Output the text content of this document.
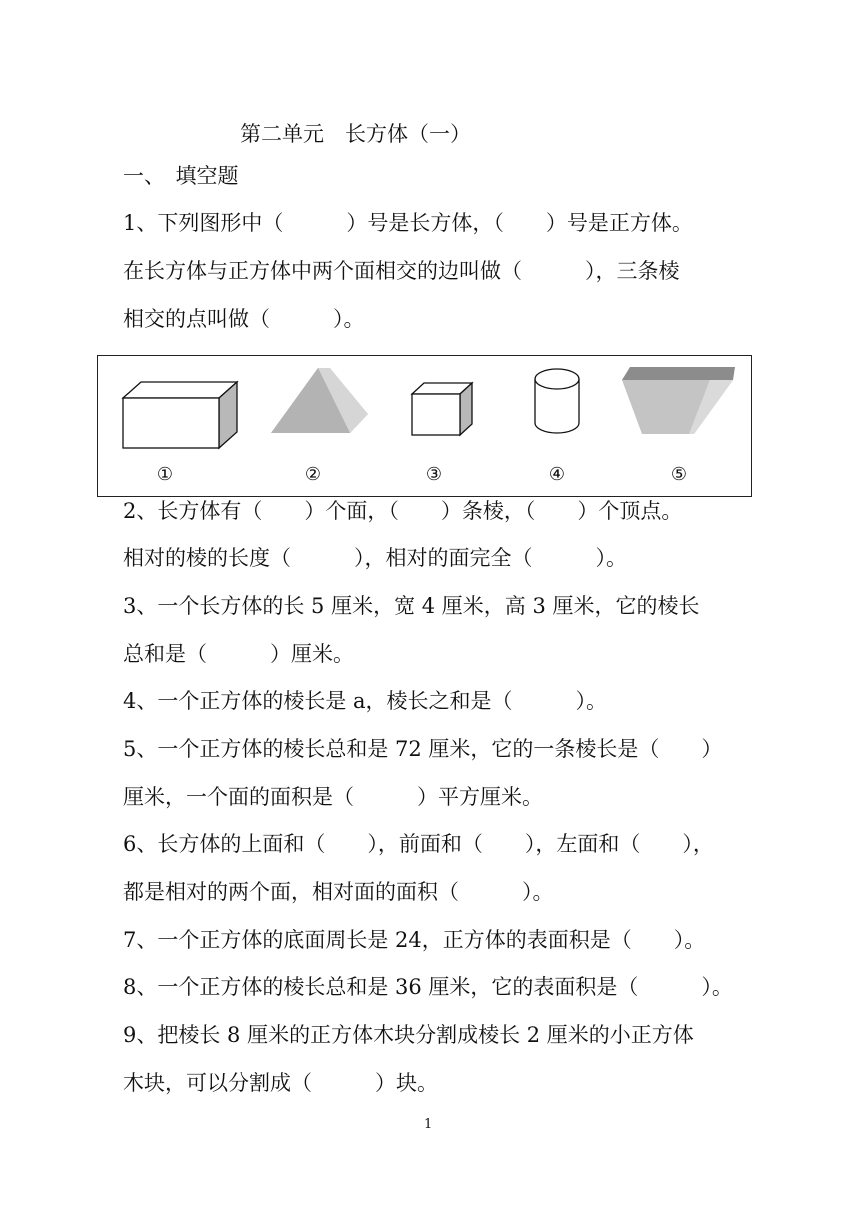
第二单元　长方体（一）
一、　填空题
1、下列图形中（　　　）号是长方体，（　　）号是正方体。
在长方体与正方体中两个面相交的边叫做（　　　），三条棱
相交的点叫做（　　　）。
①	②	③	④	⑤
2、长方体有（　　）个面，（　　）条棱，（　　）个顶点。
相对的棱的长度（　　　），相对的面完全（　　　）。
3、一个长方体的长 5 厘米，宽 4 厘米，高 3 厘米，它的棱长
总和是（　　　）厘米。
4、一个正方体的棱长是 a，棱长之和是（　　　）。
5、一个正方体的棱长总和是 72 厘米，它的一条棱长是（　　）
厘米，一个面的面积是（　　　）平方厘米。
6、长方体的上面和（　　），前面和（　　），左面和（　　），
都是相对的两个面，相对面的面积（　　　）。
7、一个正方体的底面周长是 24，正方体的表面积是（　　）。
8、一个正方体的棱长总和是 36 厘米，它的表面积是（　　　）。
9、把棱长 8 厘米的正方体木块分割成棱长 2 厘米的小正方体
木块，可以分割成（　　　）块。
1
